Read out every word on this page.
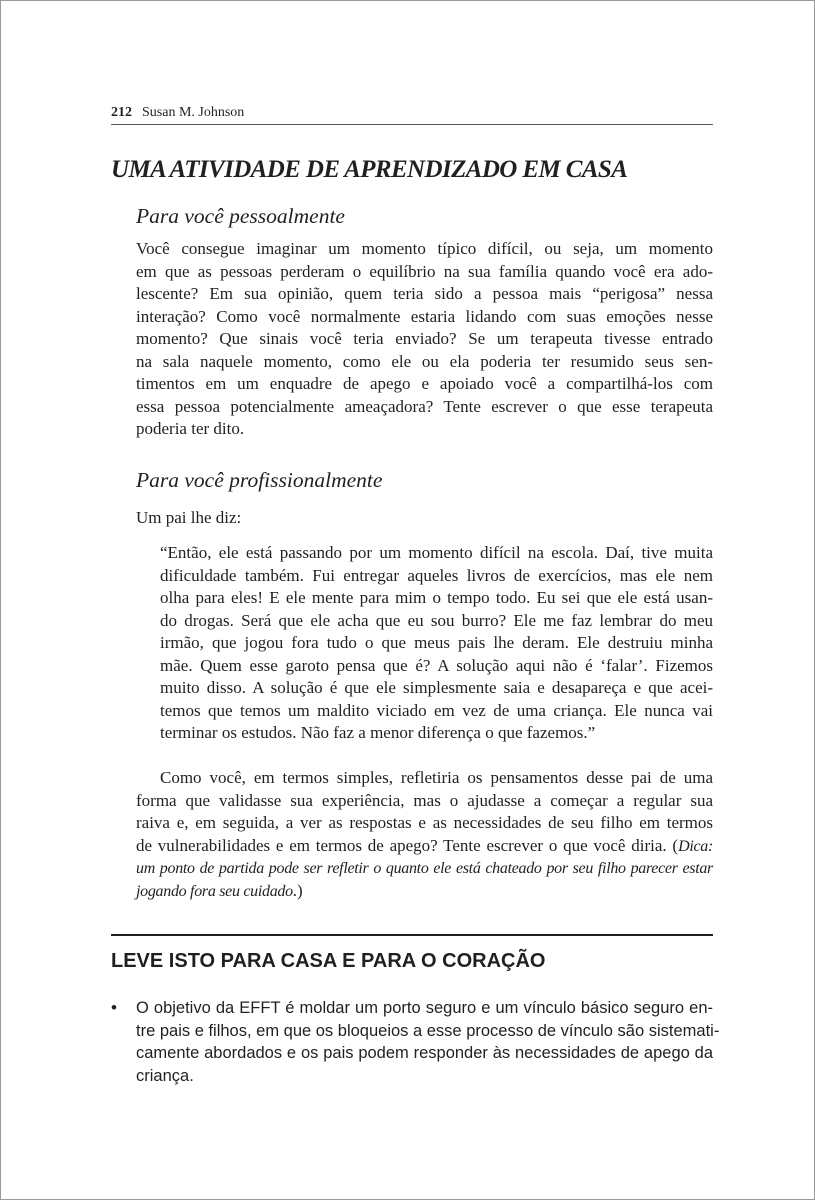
212 Susan M. Johnson
UMA ATIVIDADE DE APRENDIZADO EM CASA
Para você pessoalmente
Você consegue imaginar um momento típico difícil, ou seja, um momento
em que as pessoas perderam o equilíbrio na sua família quando você era ado-
lescente? Em sua opinião, quem teria sido a pessoa mais “perigosa” nessa
interação? Como você normalmente estaria lidando com suas emoções nesse
momento? Que sinais você teria enviado? Se um terapeuta tivesse entrado
na sala naquele momento, como ele ou ela poderia ter resumido seus sen-
timentos em um enquadre de apego e apoiado você a compartilhá-los com
essa pessoa potencialmente ameaçadora? Tente escrever o que esse terapeuta
poderia ter dito.
Para você profissionalmente
Um pai lhe diz:
“Então, ele está passando por um momento difícil na escola. Daí, tive muita
dificuldade também. Fui entregar aqueles livros de exercícios, mas ele nem
olha para eles! E ele mente para mim o tempo todo. Eu sei que ele está usan-
do drogas. Será que ele acha que eu sou burro? Ele me faz lembrar do meu
irmão, que jogou fora tudo o que meus pais lhe deram. Ele destruiu minha
mãe. Quem esse garoto pensa que é? A solução aqui não é ‘falar’. Fizemos
muito disso. A solução é que ele simplesmente saia e desapareça e que acei-
temos que temos um maldito viciado em vez de uma criança. Ele nunca vai
terminar os estudos. Não faz a menor diferença o que fazemos.”
Como você, em termos simples, refletiria os pensamentos desse pai de uma
forma que validasse sua experiência, mas o ajudasse a começar a regular sua
raiva e, em seguida, a ver as respostas e as necessidades de seu filho em termos
de vulnerabilidades e em termos de apego? Tente escrever o que você diria. (Dica:
um ponto de partida pode ser refletir o quanto ele está chateado por seu filho parecer estar
jogando fora seu cuidado.)
LEVE ISTO PARA CASA E PARA O CORAÇÃO
• O objetivo da EFFT é moldar um porto seguro e um vínculo básico seguro en-
tre pais e filhos, em que os bloqueios a esse processo de vínculo são sistemati-
camente abordados e os pais podem responder às necessidades de apego da
criança.
